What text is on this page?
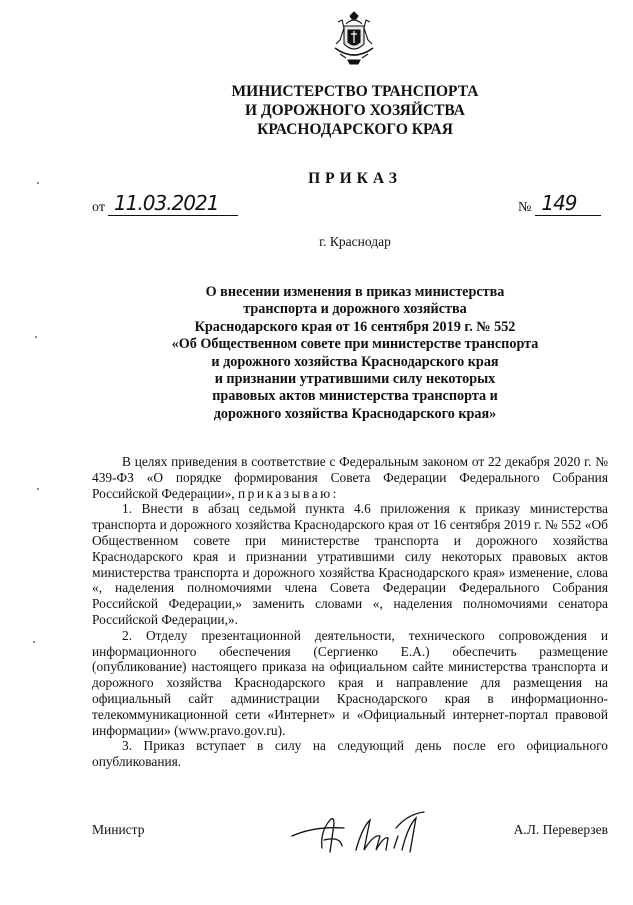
МИНИСТЕРСТВО ТРАНСПОРТА
И ДОРОЖНОГО ХОЗЯЙСТВА
КРАСНОДАРСКОГО КРАЯ
ПРИКАЗ
от 11.03.2021	№ 149
г. Краснодар
О внесении изменения в приказ министерства
транспорта и дорожного хозяйства
Краснодарского края от 16 сентября 2019 г. № 552
«Об Общественном совете при министерстве транспорта
и дорожного хозяйства Краснодарского края
и признании утратившими силу некоторых
правовых актов министерства транспорта и
дорожного хозяйства Краснодарского края»

В целях приведения в соответствие с Федеральным законом от 22 декабря 2020 г. № 439-ФЗ «О порядке формирования Совета Федерации Федерального Собрания Российской Федерации», приказываю:

1. Внести в абзац седьмой пункта 4.6 приложения к приказу министерства транспорта и дорожного хозяйства Краснодарского края от 16 сентября 2019 г. № 552 «Об Общественном совете при министерстве транспорта и дорожного хозяйства Краснодарского края и признании утратившими силу некоторых правовых актов министерства транспорта и дорожного хозяйства Краснодарского края» изменение, слова «, наделения полномочиями члена Совета Федерации Федерального Собрания Российской Федерации,» заменить словами «, наделения полномочиями сенатора Российской Федерации,».

2. Отделу презентационной деятельности, технического сопровождения и информационного обеспечения (Сергиенко Е.А.) обеспечить размещение (опубликование) настоящего приказа на официальном сайте министерства транспорта и дорожного хозяйства Краснодарского края и направление для размещения на официальный сайт администрации Краснодарского края в информационно-телекоммуникационной сети «Интернет» и «Официальный интернет-портал правовой информации» (www.pravo.gov.ru).

3. Приказ вступает в силу на следующий день после его официального опубликования.

Министр	А.Л. Переверзев
